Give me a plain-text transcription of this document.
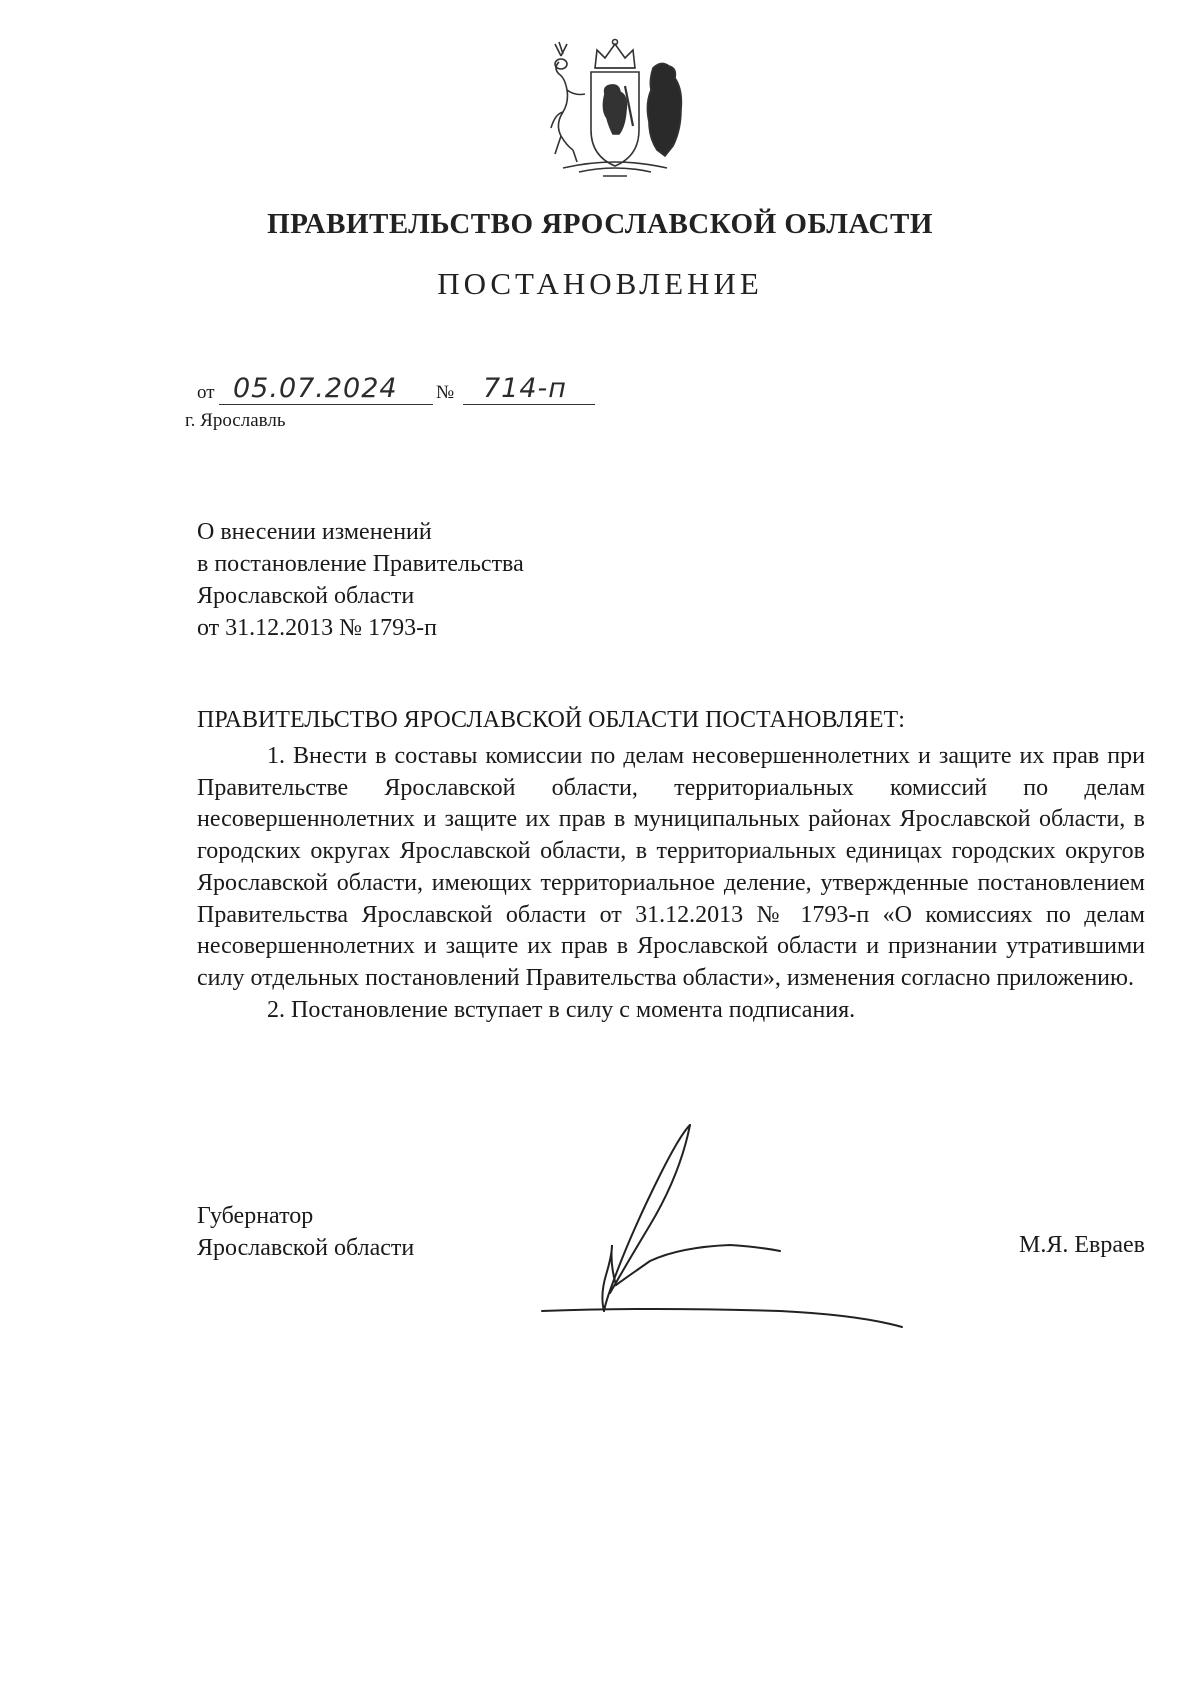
ПРАВИТЕЛЬСТВО ЯРОСЛАВСКОЙ ОБЛАСТИ
ПОСТАНОВЛЕНИЕ
от 05.07.2024 № 714-п
г. Ярославль
О внесении изменений
в постановление Правительства
Ярославской области
от 31.12.2013 № 1793-п
ПРАВИТЕЛЬСТВО ЯРОСЛАВСКОЙ ОБЛАСТИ ПОСТАНОВЛЯЕТ:

1. Внести в составы комиссии по делам несовершеннолетних и защите их прав при Правительстве Ярославской области, территориальных комиссий по делам несовершеннолетних и защите их прав в муниципальных районах Ярославской области, в городских округах Ярославской области, в территориальных единицах городских округов Ярославской области, имеющих территориальное деление, утвержденные постановлением Правительства Ярославской области от 31.12.2013 № 1793-п «О комиссиях по делам несовершеннолетних и защите их прав в Ярославской области и признании утратившими силу отдельных постановлений Правительства области», изменения согласно приложению.

2. Постановление вступает в силу с момента подписания.

Губернатор
Ярославской области	М.Я. Евраев
